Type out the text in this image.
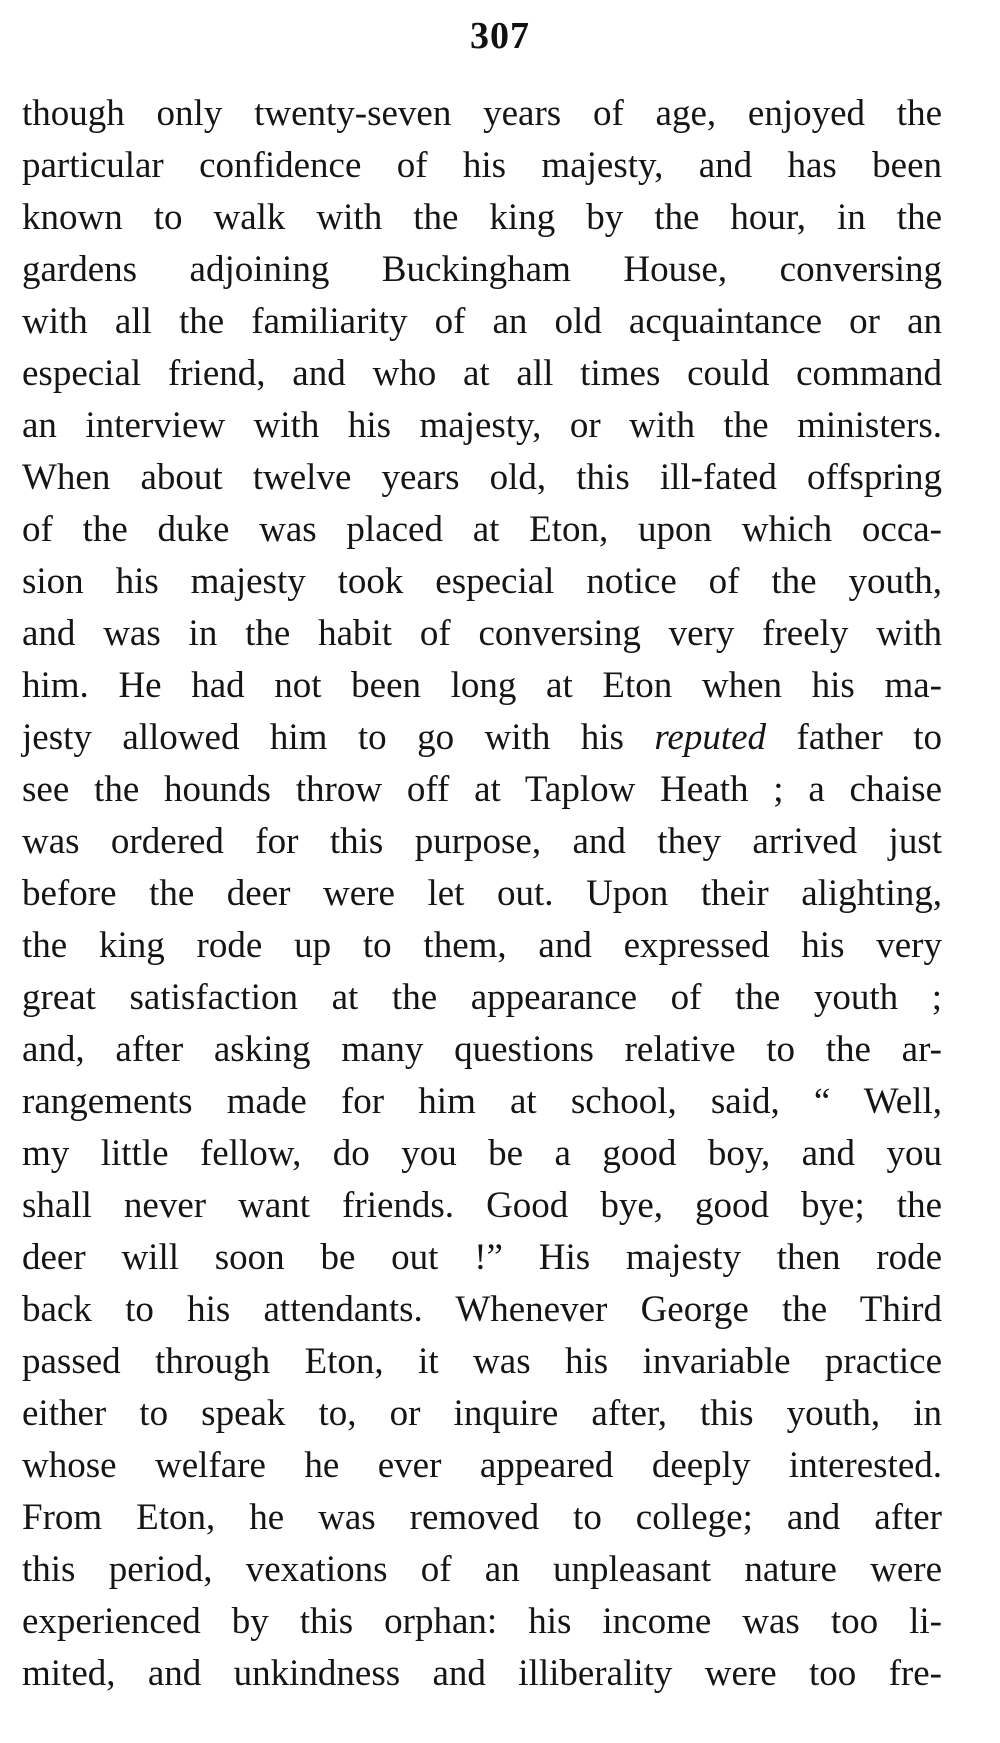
307
though only twenty-seven years of age, enjoyed the
particular confidence of his majesty, and has been
known to walk with the king by the hour, in the
gardens adjoining Buckingham House, conversing
with all the familiarity of an old acquaintance or an
especial friend, and who at all times could command
an interview with his majesty, or with the ministers.
When about twelve years old, this ill-fated offspring
of the duke was placed at Eton, upon which occa-
sion his majesty took especial notice of the youth,
and was in the habit of conversing very freely with
him. He had not been long at Eton when his ma-
jesty allowed him to go with his reputed father to
see the hounds throw off at Taplow Heath ; a chaise
was ordered for this purpose, and they arrived just
before the deer were let out. Upon their alighting,
the king rode up to them, and expressed his very
great satisfaction at the appearance of the youth ;
and, after asking many questions relative to the ar-
rangements made for him at school, said, “ Well,
my little fellow, do you be a good boy, and you
shall never want friends. Good bye, good bye; the
deer will soon be out !” His majesty then rode
back to his attendants. Whenever George the Third
passed through Eton, it was his invariable practice
either to speak to, or inquire after, this youth, in
whose welfare he ever appeared deeply interested.
From Eton, he was removed to college; and after
this period, vexations of an unpleasant nature were
experienced by this orphan: his income was too li-
mited, and unkindness and illiberality were too fre-
